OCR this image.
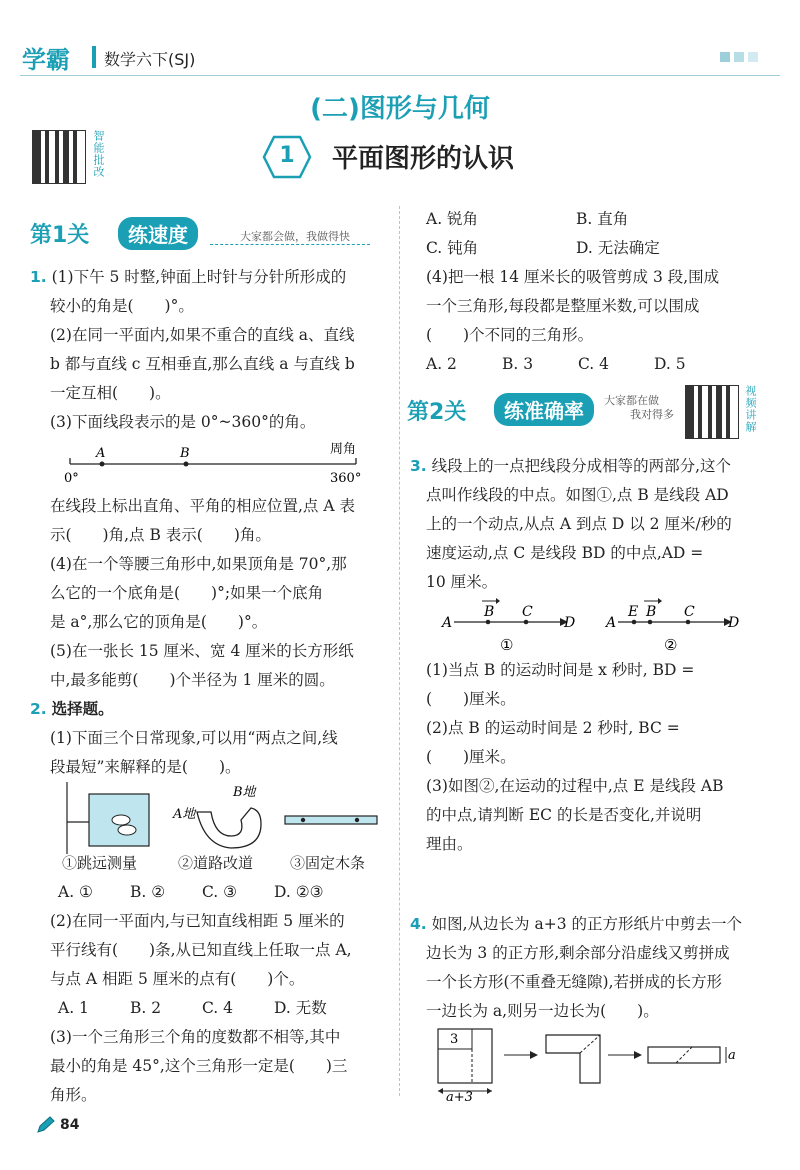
学霸 数学六下(SJ)
(二)图形与几何
智能批改	1	平面图形的认识
第1关	练速度	大家都会做，我做得快
1. (1)下午 5 时整,钟面上时针与分针所形成的
较小的角是(　　)°。
(2)在同一平面内,如果不重合的直线 a、直线
b 都与直线 c 互相垂直,那么直线 a 与直线 b
一定互相(　　)。
(3)下面线段表示的是 0°~360°的角。
A	B
0°	360°
周角
在线段上标出直角、平角的相应位置,点 A 表
示(　　)角,点 B 表示(　　)角。
(4)在一个等腰三角形中,如果顶角是 70°,那
么它的一个底角是(　　)°;如果一个底角
是 a°,那么它的顶角是(　　)°。
(5)在一张长 15 厘米、宽 4 厘米的长方形纸
中,最多能剪(　　)个半径为 1 厘米的圆。
2. 选择题。
(1)下面三个日常现象,可以用“两点之间,线
段最短”来解释的是(　　)。
A地
B地
①跳远测量	②道路改道 ③固定木条
A. ①	B. ②	C. ③	D. ②③
(2)在同一平面内,与已知直线相距 5 厘米的
平行线有(　　)条,从已知直线上任取一点 A,
与点 A 相距 5 厘米的点有(　　)个。
A. 1	B. 2	C. 4	D. 无数
(3)一个三角形三个角的度数都不相等,其中
最小的角是 45°,这个三角形一定是(　　)三
角形。
A. 锐角	B. 直角
C. 钝角	D. 无法确定
(4)把一根 14 厘米长的吸管剪成 3 段,围成
一个三角形,每段都是整厘米数,可以围成
(　　)个不同的三角形。
A. 2	B. 3	C. 4	D. 5
第2关	练准确率	大家都在做
我对得多	视频讲解
3. 线段上的一点把线段分成相等的两部分,这个
点叫作线段的中点。如图①,点 B 是线段 AD
上的一个动点,从点 A 到点 D 以 2 厘米/秒的
速度运动,点 C 是线段 BD 的中点,AD =
10 厘米。
A
B C
D
①
A
E B C
D
②
(1)当点 B 的运动时间是 x 秒时, BD =
(　　)厘米。
(2)点 B 的运动时间是 2 秒时, BC =
(　　)厘米。
(3)如图②,在运动的过程中,点 E 是线段 AB
的中点,请判断 EC 的长是否变化,并说明
理由。
4. 如图,从边长为 a+3 的正方形纸片中剪去一个
边长为 3 的正方形,剩余部分沿虚线又剪拼成
一个长方形(不重叠无缝隙),若拼成的长方形
一边长为 a,则另一边长为(　　)。
3
a+3
a
84
